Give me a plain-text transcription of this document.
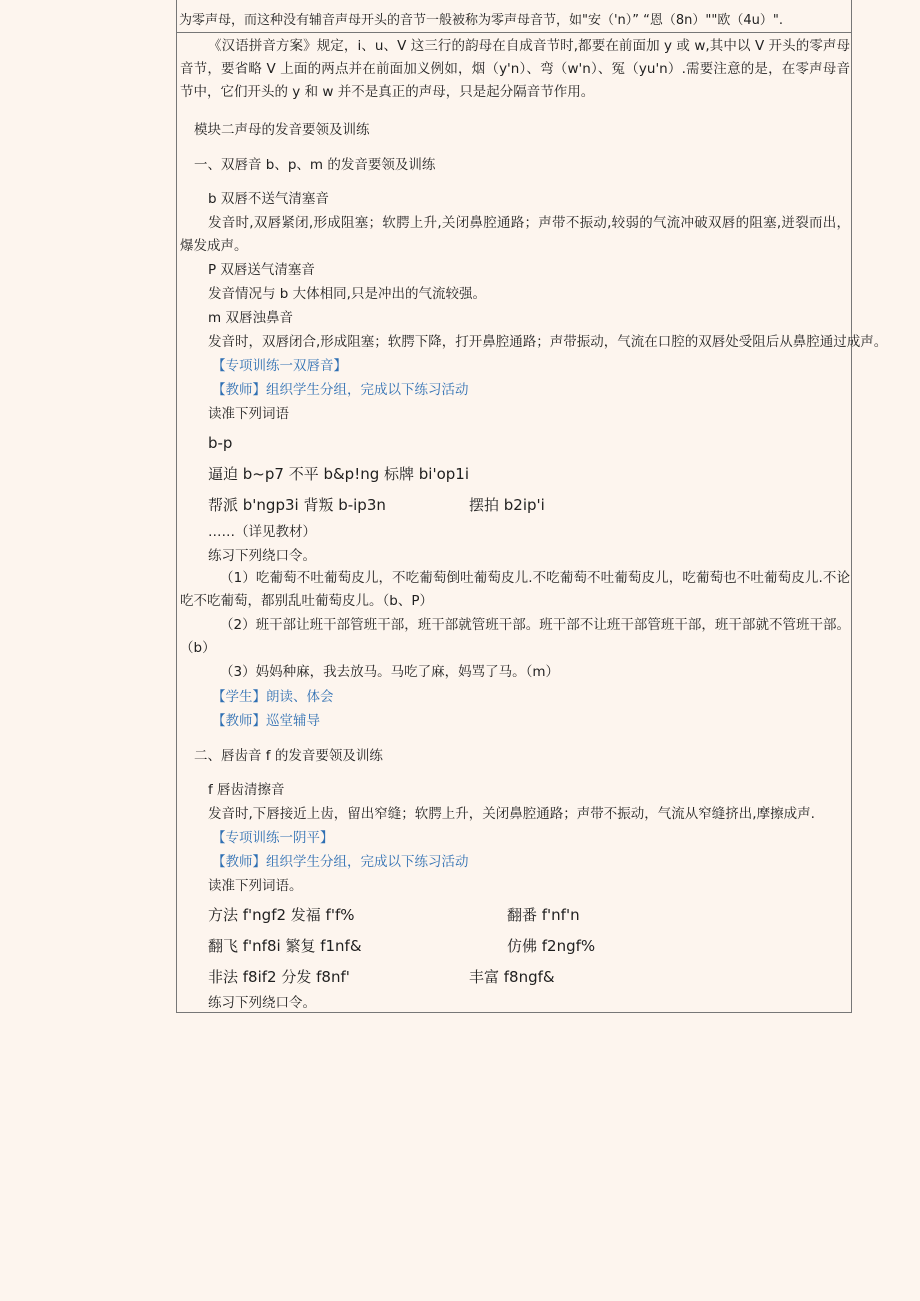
为零声母，而这种没有辅音声母开头的音节一般被称为零声母音节，如"安（'n）” “恩（8n）""欧（4u）".
《汉语拼音方案》规定，i、u、V 这三行的韵母在自成音节时,都要在前面加 y 或 w,其中以 V 开头的零声母音节，要省略 V 上面的两点并在前面加义例如，烟（y'n）、弯（w'n）、冤（yu'n）.需要注意的是，在零声母音节中，它们开头的 y 和 w 并不是真正的声母，只是起分隔音节作用。
模块二声母的发音要领及训练
一、双唇音 b、p、m 的发音要领及训练
b 双唇不送气清塞音
发音时,双唇紧闭,形成阻塞；软腭上升,关闭鼻腔通路；声带不振动,较弱的气流冲破双唇的阻塞,迸裂而出，爆发成声。
P 双唇送气清塞音
发音情况与 b 大体相同,只是冲出的气流较强。
m 双唇浊鼻音
发音时，双唇闭合,形成阻塞；软腭下降，打开鼻腔通路；声带振动，气流在口腔的双唇处受阻后从鼻腔通过成声。
【专项训练一双唇音】
【教师】组织学生分组，完成以下练习活动
读准下列词语
b-p
逼迫 b~p7 不平 b&p!ng 标牌 bi'op1i
帮派 b'ngp3i 背叛 b-ip3n	摆拍 b2ip'i
……（详见教材）
练习下列绕口令。
（1）吃葡萄不吐葡萄皮儿，不吃葡萄倒吐葡萄皮儿.不吃葡萄不吐葡萄皮儿，吃葡萄也不吐葡萄皮儿.不论吃不吃葡萄，都别乱吐葡萄皮儿。（b、P）
（2）班干部让班干部管班干部，班干部就管班干部。班干部不让班干部管班干部，班干部就不管班干部。（b）
（3）妈妈种麻，我去放马。马吃了麻，妈骂了马。（m）
【学生】朗读、体会
【教师】巡堂辅导
二、唇齿音 f 的发音要领及训练
f 唇齿清擦音
发音时,下唇接近上齿，留出窄缝；软腭上升，关闭鼻腔通路；声带不振动，气流从窄缝挤出,摩擦成声.
【专项训练一阴平】
【教师】组织学生分组，完成以下练习活动
读准下列词语。
方法 f'ngf2 发福 f'f%	翻番 f'nf'n
翻飞 f'nf8i 繁复 f1nf&	仿佛 f2ngf%
非法 f8if2 分发 f8nf'	丰富 f8ngf&
练习下列绕口令。
